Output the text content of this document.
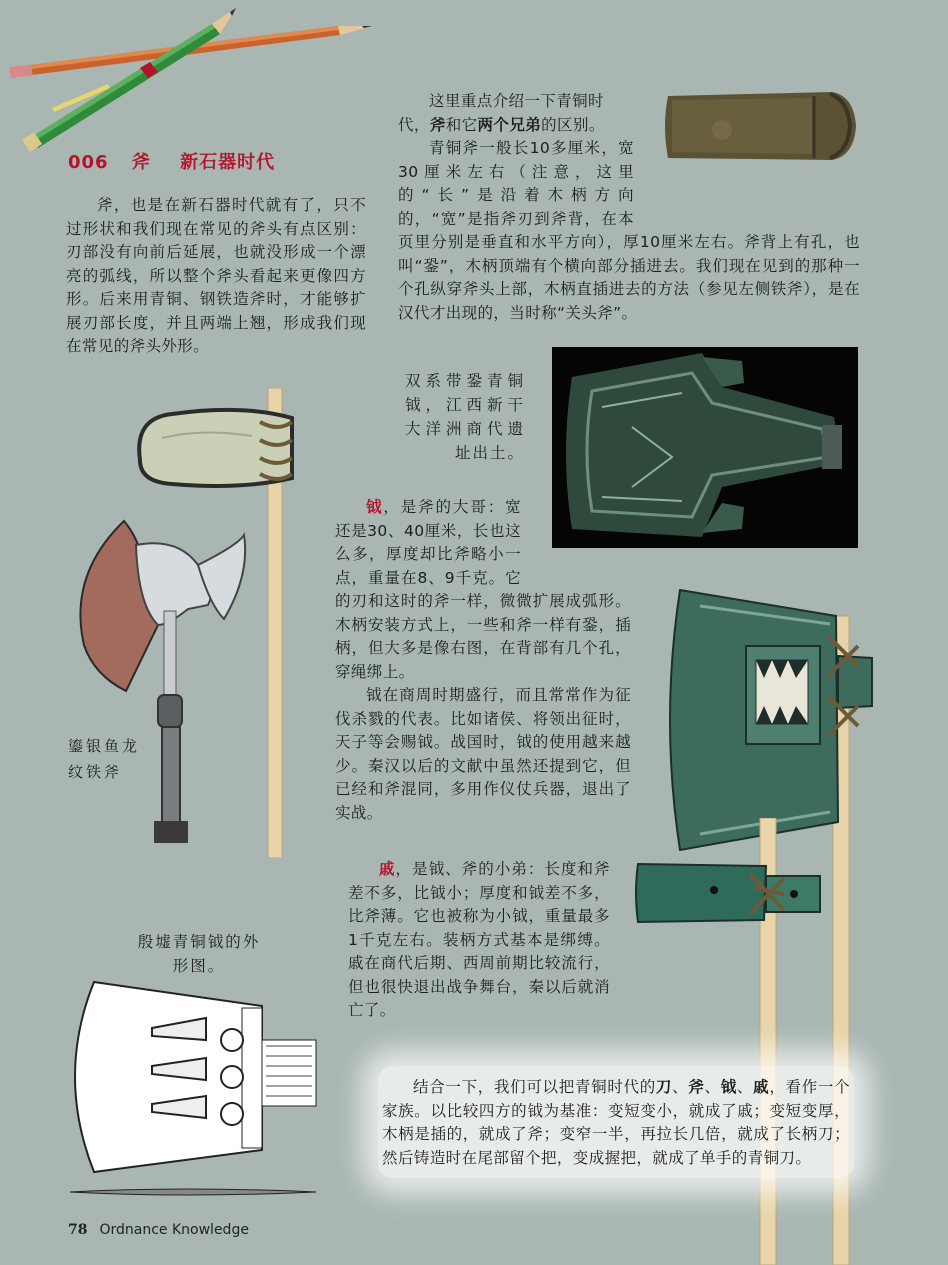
006 斧 新石器时代
斧，也是在新石器时代就有了，只不过形状和我们现在常见的斧头有点区别：刃部没有向前后延展，也就没形成一个漂亮的弧线，所以整个斧头看起来更像四方形。后来用青铜、钢铁造斧时，才能够扩展刃部长度，并且两端上翘，形成我们现在常见的斧头外形。
这里重点介绍一下青铜时
代，斧和它两个兄弟的区别。
青铜斧一般长10多厘米，宽30厘米左右（注意，这里的“长”是沿着木柄方向的，“宽”是指斧刃到斧背，在本页里分别是垂直和水平方向），厚10厘米左右。斧背上有孔，也叫“銎”，木柄顶端有个横向部分插进去。我们现在见到的那种一个孔纵穿斧头上部，木柄直插进去的方法（参见左侧铁斧），是在汉代才出现的，当时称“关头斧”。
双系带銎青铜钺，江西新干大洋洲商代遗址出土。
鎏银鱼龙纹铁斧
钺，是斧的大哥：宽还是30、40厘米，长也这么多，厚度却比斧略小一点，重量在8、9千克。它的刃和这时的斧一样，微微扩展成弧形。木柄安装方式上，一些和斧一样有銎，插柄，但大多是像右图，在背部有几个孔，穿绳绑上。
钺在商周时期盛行，而且常常作为征伐杀戮的代表。比如诸侯、将领出征时，天子等会赐钺。战国时，钺的使用越来越少。秦汉以后的文献中虽然还提到它，但已经和斧混同，多用作仪仗兵器，退出了实战。
戚，是钺、斧的小弟：长度和斧差不多，比钺小；厚度和钺差不多，比斧薄。它也被称为小钺，重量最多1千克左右。装柄方式基本是绑缚。戚在商代后期、西周前期比较流行，但也很快退出战争舞台，秦以后就消亡了。
殷墟青铜钺的外形图。
结合一下，我们可以把青铜时代的刀、斧、钺、戚，看作一个家族。以比较四方的钺为基准：变短变小，就成了戚；变短变厚，木柄是插的，就成了斧；变窄一半，再拉长几倍，就成了长柄刀；然后铸造时在尾部留个把，变成握把，就成了单手的青铜刀。
78 Ordnance Knowledge
